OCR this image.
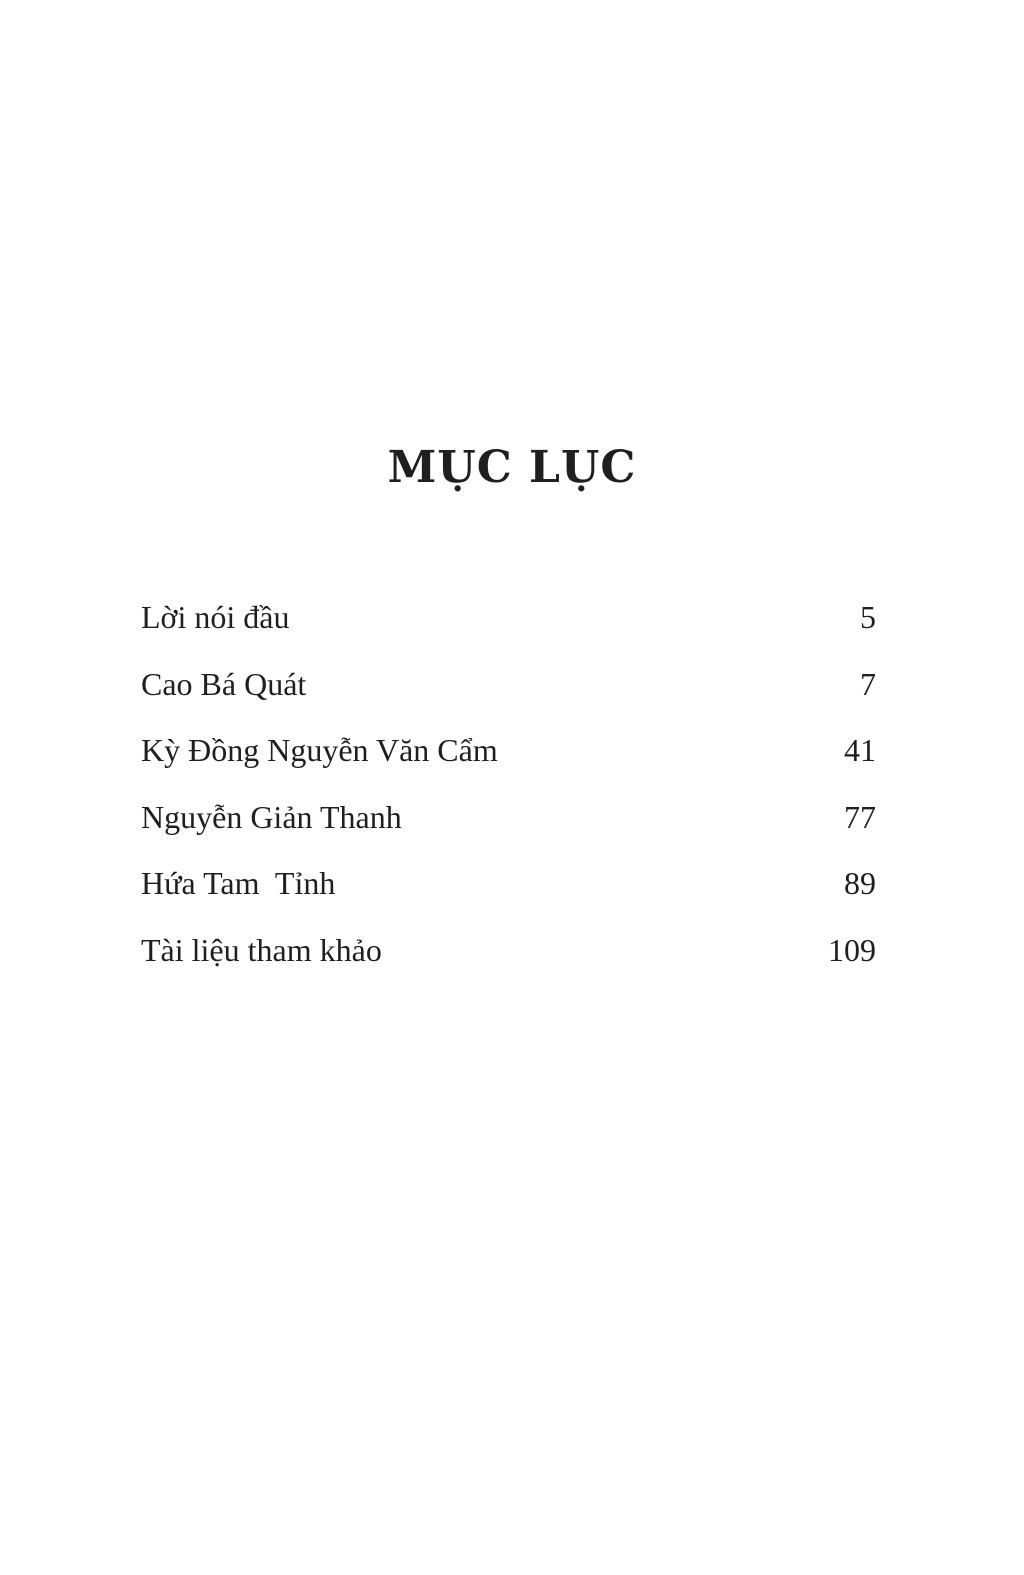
MỤC LỤC
Lời nói đầu	5
Cao Bá Quát	7
Kỳ Đồng Nguyễn Văn Cẩm	41
Nguyễn Giản Thanh	77
Hứa Tam  Tỉnh	89
Tài liệu tham khảo	109
